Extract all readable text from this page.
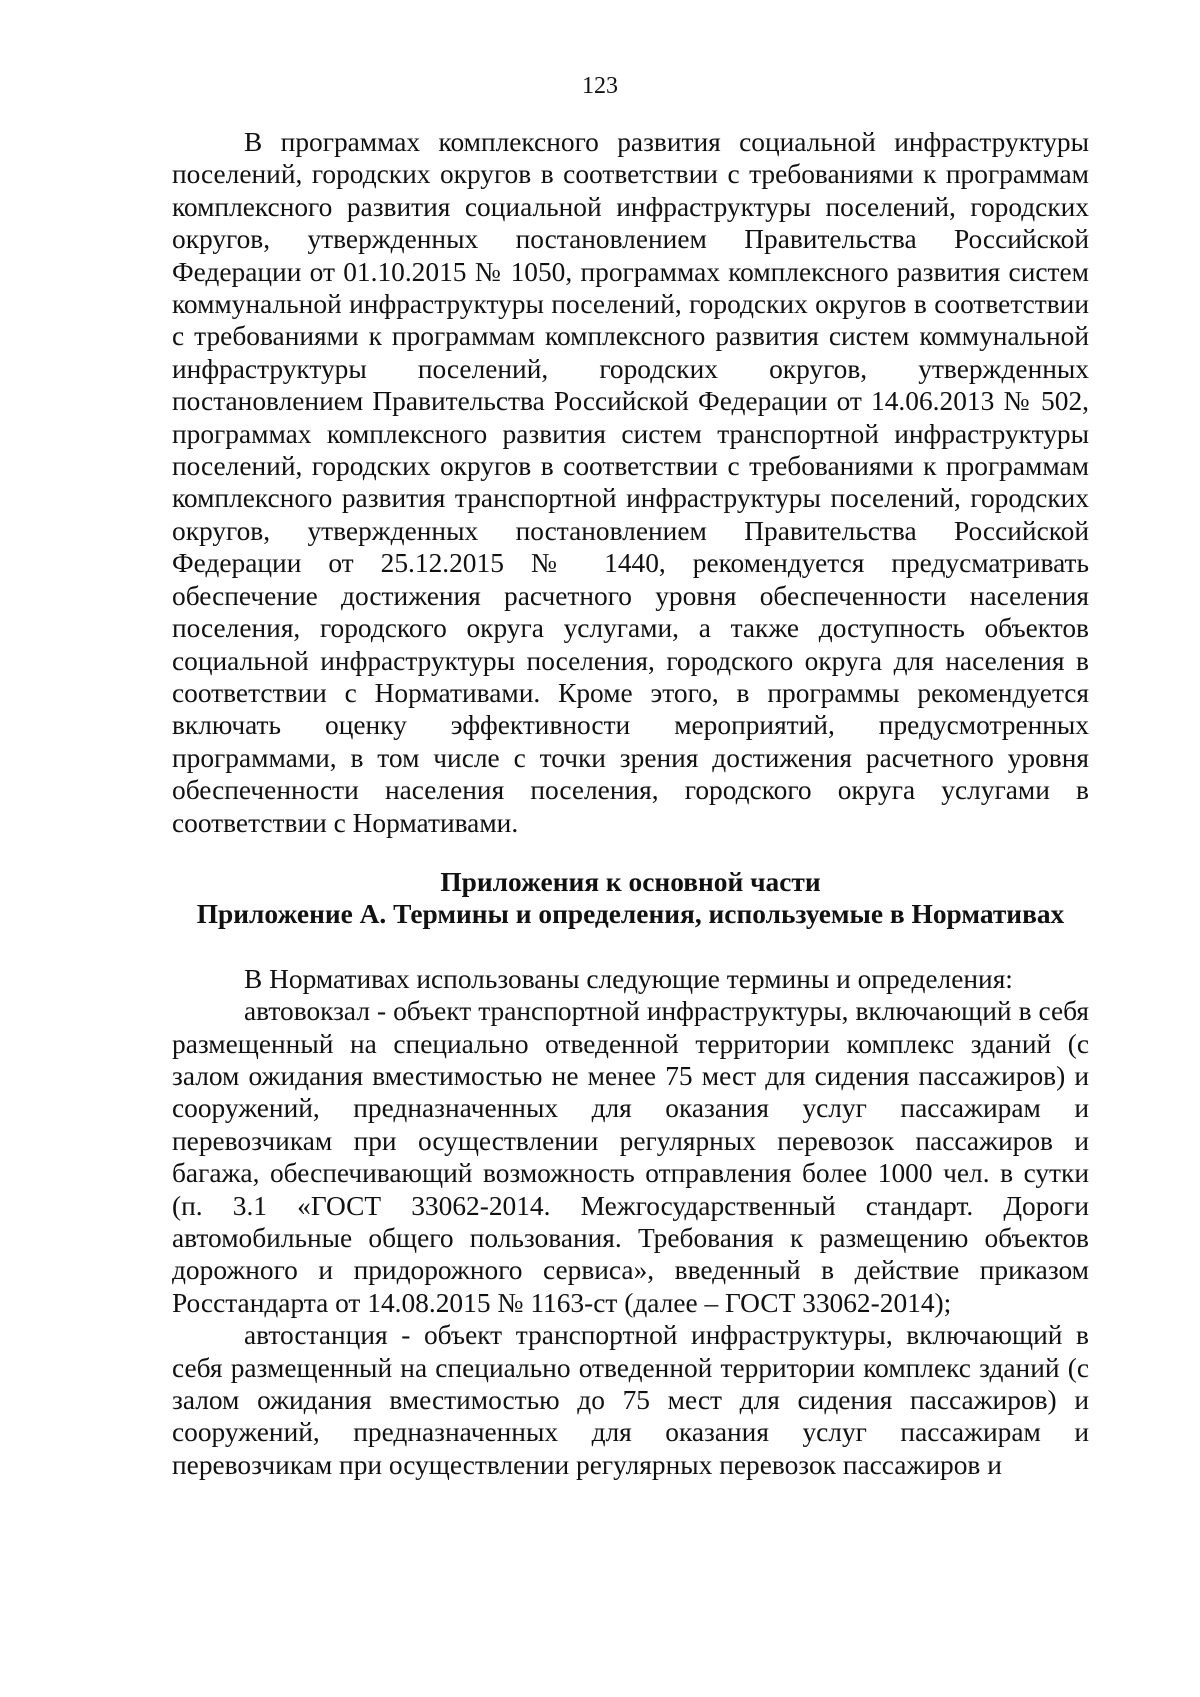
123

В программах комплексного развития социальной инфраструктуры поселений, городских округов в соответствии с требованиями к программам комплексного развития социальной инфраструктуры поселений, городских округов, утвержденных постановлением Правительства Российской Федерации от 01.10.2015 № 1050, программах комплексного развития систем коммунальной инфраструктуры поселений, городских округов в соответствии с требованиями к программам комплексного развития систем коммунальной инфраструктуры поселений, городских округов, утвержденных постановлением Правительства Российской Федерации от 14.06.2013 № 502, программах комплексного развития систем транспортной инфраструктуры поселений, городских округов в соответствии с требованиями к программам комплексного развития транспортной инфраструктуры поселений, городских округов, утвержденных постановлением Правительства Российской Федерации от 25.12.2015 № 1440, рекомендуется предусматривать обеспечение достижения расчетного уровня обеспеченности населения поселения, городского округа услугами, а также доступность объектов социальной инфраструктуры поселения, городского округа для населения в соответствии с Нормативами. Кроме этого, в программы рекомендуется включать оценку эффективности мероприятий, предусмотренных программами, в том числе с точки зрения достижения расчетного уровня обеспеченности населения поселения, городского округа услугами в соответствии с Нормативами.

Приложения к основной части

Приложение А. Термины и определения, используемые в Нормативах

В Нормативах использованы следующие термины и определения:

автовокзал - объект транспортной инфраструктуры, включающий в себя размещенный на специально отведенной территории комплекс зданий (с залом ожидания вместимостью не менее 75 мест для сидения пассажиров) и сооружений, предназначенных для оказания услуг пассажирам и перевозчикам при осуществлении регулярных перевозок пассажиров и багажа, обеспечивающий возможность отправления более 1000 чел. в сутки (п. 3.1 «ГОСТ 33062-2014. Межгосударственный стандарт. Дороги автомобильные общего пользования. Требования к размещению объектов дорожного и придорожного сервиса», введенный в действие приказом Росстандарта от 14.08.2015 № 1163-ст (далее – ГОСТ 33062-2014);

автостанция - объект транспортной инфраструктуры, включающий в себя размещенный на специально отведенной территории комплекс зданий (с залом ожидания вместимостью до 75 мест для сидения пассажиров) и сооружений, предназначенных для оказания услуг пассажирам и перевозчикам при осуществлении регулярных перевозок пассажиров и
